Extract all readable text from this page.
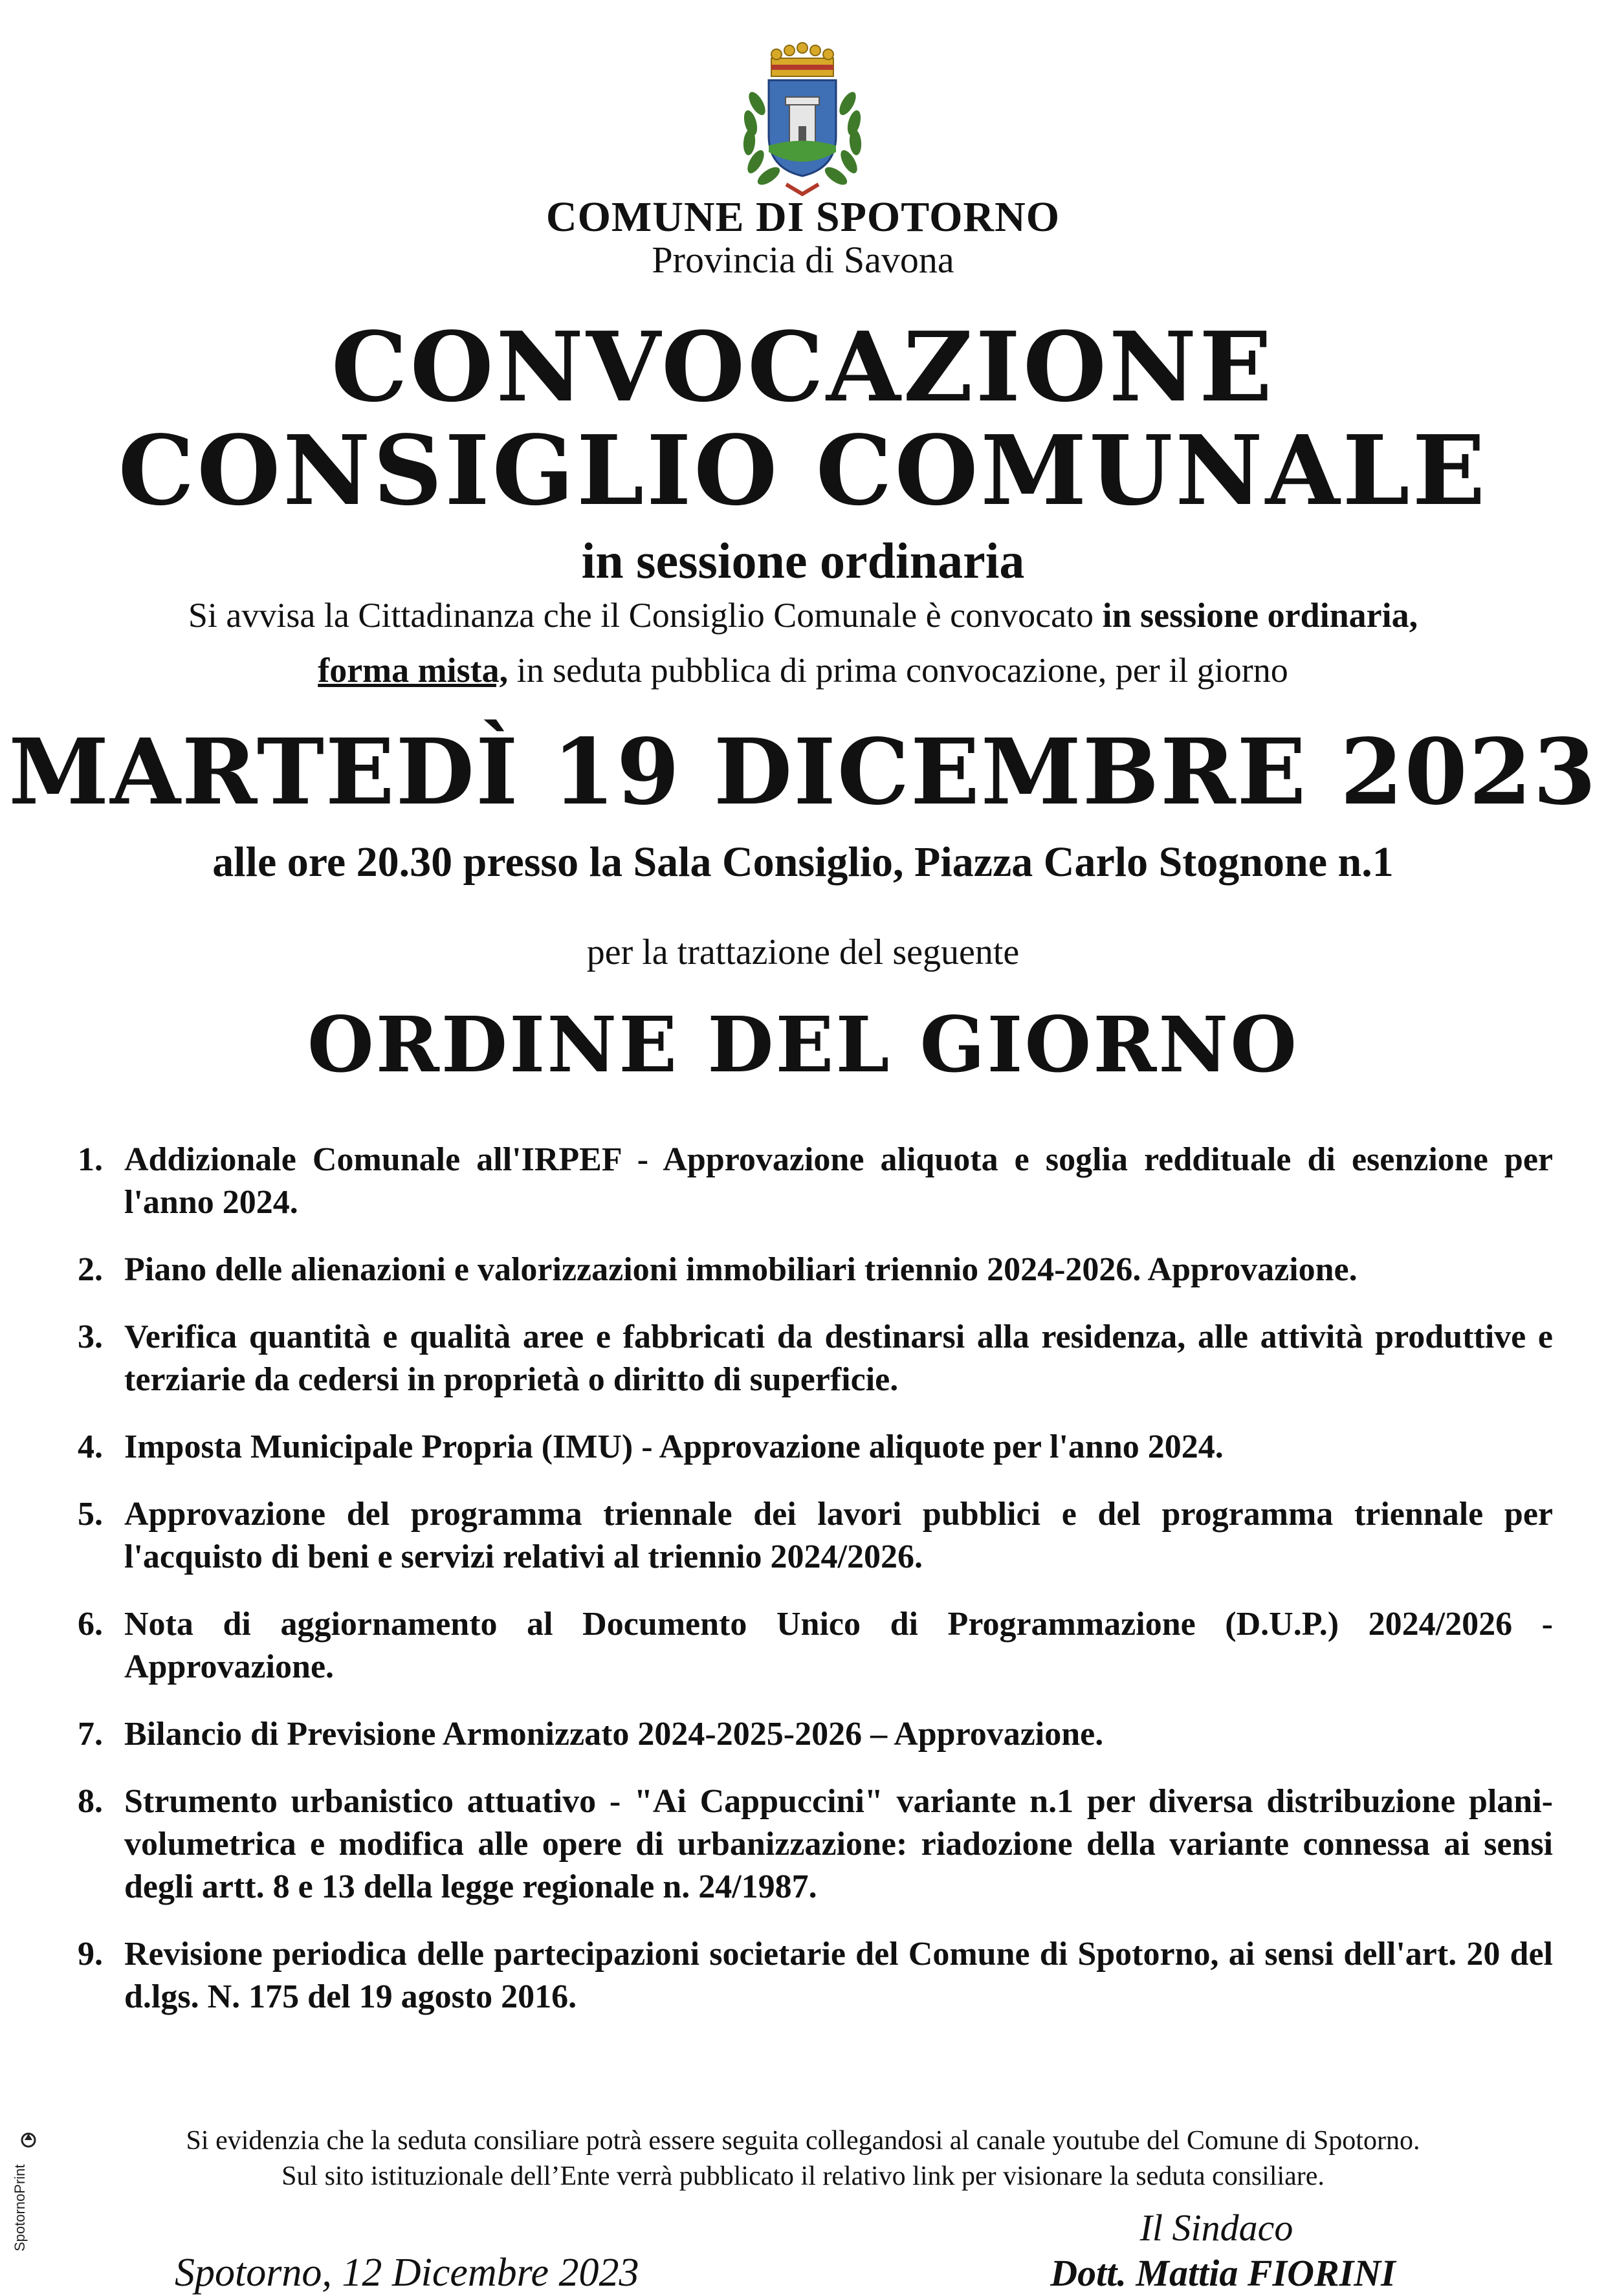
COMUNE DI SPOTORNO
Provincia di Savona
CONVOCAZIONE
CONSIGLIO COMUNALE
in sessione ordinaria
Si avvisa la Cittadinanza che il Consiglio Comunale è convocato in sessione ordinaria,
forma mista, in seduta pubblica di prima convocazione, per il giorno
MARTEDÌ 19 DICEMBRE 2023
alle ore 20.30 presso la Sala Consiglio, Piazza Carlo Stognone n.1
per la trattazione del seguente
ORDINE DEL GIORNO
1. Addizionale Comunale all'IRPEF - Approvazione aliquota e soglia reddituale di esenzione per l'anno 2024.
2. Piano delle alienazioni e valorizzazioni immobiliari triennio 2024-2026. Approvazione.
3. Verifica quantità e qualità aree e fabbricati da destinarsi alla residenza, alle attività produttive e terziarie da cedersi in proprietà o diritto di superficie.
4. Imposta Municipale Propria (IMU) - Approvazione aliquote per l'anno 2024.
5. Approvazione del programma triennale dei lavori pubblici e del programma triennale per l'acquisto di beni e servizi relativi al triennio 2024/2026.
6. Nota di aggiornamento al Documento Unico di Programmazione (D.U.P.) 2024/2026 - Approvazione.
7. Bilancio di Previsione Armonizzato 2024-2025-2026 – Approvazione.
8. Strumento urbanistico attuativo - "Ai Cappuccini" variante n.1 per diversa distribuzione plani-volumetrica e modifica alle opere di urbanizzazione: riadozione della variante connessa ai sensi degli artt. 8 e 13 della legge regionale n. 24/1987.
9. Revisione periodica delle partecipazioni societarie del Comune di Spotorno, ai sensi dell'art. 20 del d.lgs. N. 175 del 19 agosto 2016.
Si evidenzia che la seduta consiliare potrà essere seguita collegandosi al canale youtube del Comune di Spotorno.
Sul sito istituzionale dell’Ente verrà pubblicato il relativo link per visionare la seduta consiliare.
SpotornoPrint
Spotorno, 12 Dicembre 2023
Il Sindaco
Dott. Mattia FIORINI
